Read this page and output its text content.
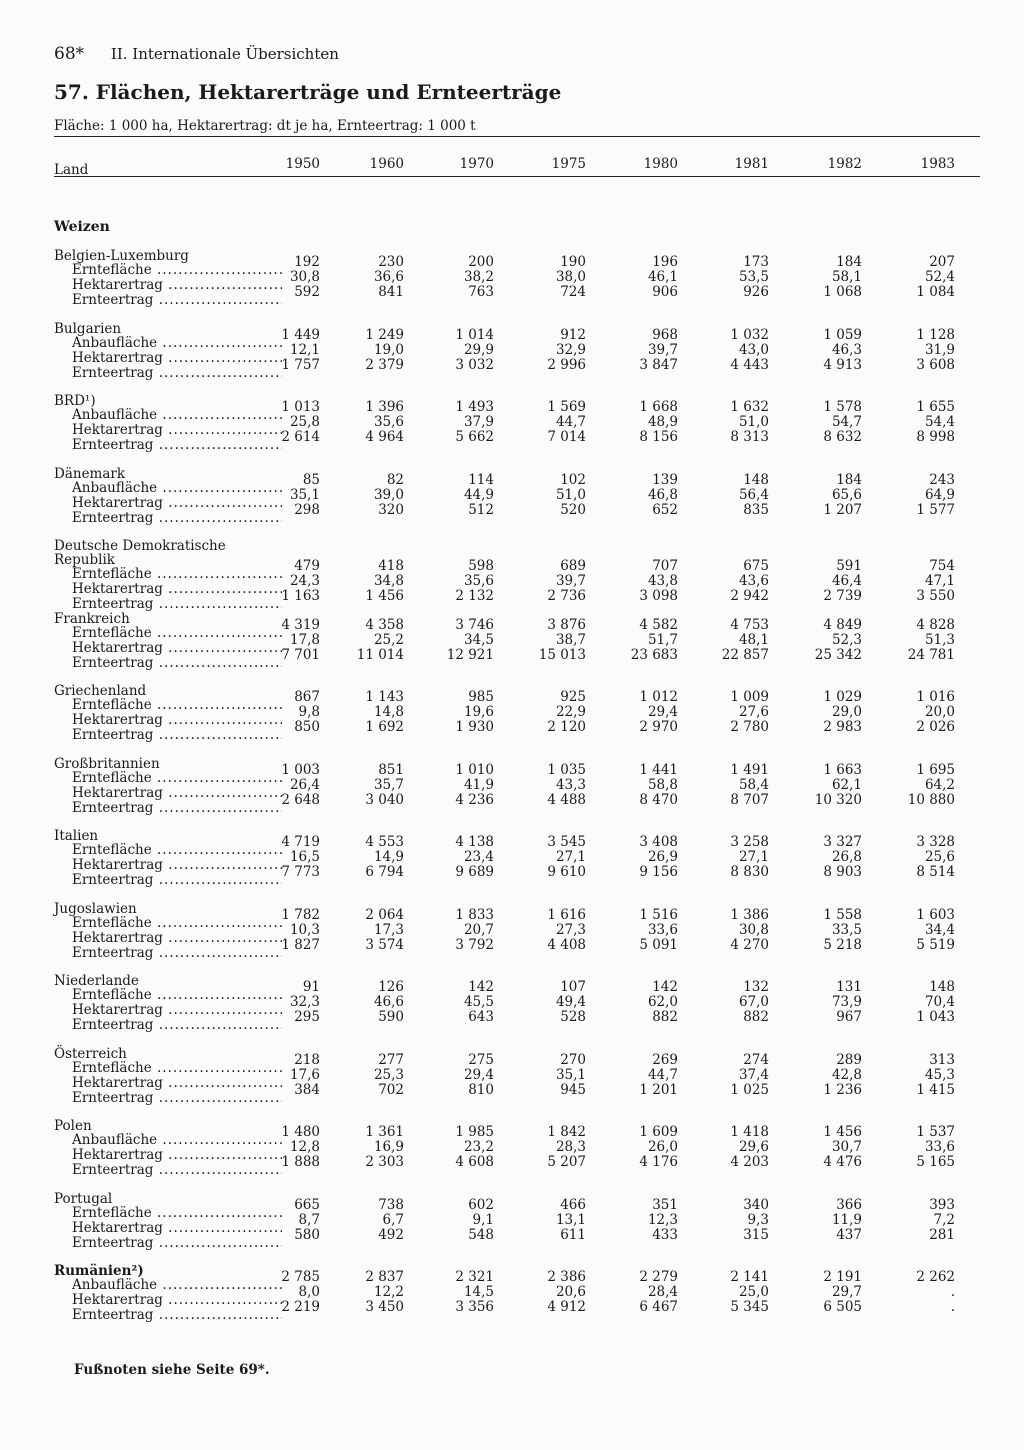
68* II. Internationale Übersichten
57. Flächen, Hektarerträge und Ernteerträge
Fläche: 1 000 ha, Hektarertrag: dt je ha, Ernteertrag: 1 000 t
Land	1950	1960	1970	1975	1980	1981	1982	1983
Weizen
Belgien-Luxemburg
Erntefläche .....	192	230	200	190	196	173	184	207
Hektarertrag .....	30,8	36,6	38,2	38,0	46,1	53,5	58,1	52,4
Ernteertrag .....	592	841	763	724	906	926	1 068	1 084
Bulgarien
Anbaufläche .....	1 449	1 249	1 014	912	968	1 032	1 059	1 128
Hektarertrag .....	12,1	19,0	29,9	32,9	39,7	43,0	46,3	31,9
Ernteertrag .....	1 757	2 379	3 032	2 996	3 847	4 443	4 913	3 608
BRD¹)
Anbaufläche .....	1 013	1 396	1 493	1 569	1 668	1 632	1 578	1 655
Hektarertrag .....	25,8	35,6	37,9	44,7	48,9	51,0	54,7	54,4
Ernteertrag .....	2 614	4 964	5 662	7 014	8 156	8 313	8 632	8 998
Dänemark
Anbaufläche .....	85	82	114	102	139	148	184	243
Hektarertrag .....	35,1	39,0	44,9	51,0	46,8	56,4	65,6	64,9
Ernteertrag .....	298	320	512	520	652	835	1 207	1 577
Deutsche Demokratische
Republik
Erntefläche .....	479	418	598	689	707	675	591	754
Hektarertrag .....	24,3	34,8	35,6	39,7	43,8	43,6	46,4	47,1
Ernteertrag .....	1 163	1 456	2 132	2 736	3 098	2 942	2 739	3 550
Frankreich
Erntefläche .....	4 319	4 358	3 746	3 876	4 582	4 753	4 849	4 828
Hektarertrag .....	17,8	25,2	34,5	38,7	51,7	48,1	52,3	51,3
Ernteertrag .....	7 701	11 014	12 921	15 013	23 683	22 857	25 342	24 781
Griechenland
Erntefläche .....	867	1 143	985	925	1 012	1 009	1 029	1 016
Hektarertrag .....	9,8	14,8	19,6	22,9	29,4	27,6	29,0	20,0
Ernteertrag .....	850	1 692	1 930	2 120	2 970	2 780	2 983	2 026
Großbritannien
Erntefläche .....	1 003	851	1 010	1 035	1 441	1 491	1 663	1 695
Hektarertrag .....	26,4	35,7	41,9	43,3	58,8	58,4	62,1	64,2
Ernteertrag .....	2 648	3 040	4 236	4 488	8 470	8 707	10 320	10 880
Italien
Erntefläche .....	4 719	4 553	4 138	3 545	3 408	3 258	3 327	3 328
Hektarertrag .....	16,5	14,9	23,4	27,1	26,9	27,1	26,8	25,6
Ernteertrag .....	7 773	6 794	9 689	9 610	9 156	8 830	8 903	8 514
Jugoslawien
Erntefläche .....	1 782	2 064	1 833	1 616	1 516	1 386	1 558	1 603
Hektarertrag .....	10,3	17,3	20,7	27,3	33,6	30,8	33,5	34,4
Ernteertrag .....	1 827	3 574	3 792	4 408	5 091	4 270	5 218	5 519
Niederlande
Erntefläche .....	91	126	142	107	142	132	131	148
Hektarertrag .....	32,3	46,6	45,5	49,4	62,0	67,0	73,9	70,4
Ernteertrag .....	295	590	643	528	882	882	967	1 043
Österreich
Erntefläche .....	218	277	275	270	269	274	289	313
Hektarertrag .....	17,6	25,3	29,4	35,1	44,7	37,4	42,8	45,3
Ernteertrag .....	384	702	810	945	1 201	1 025	1 236	1 415
Polen
Anbaufläche .....	1 480	1 361	1 985	1 842	1 609	1 418	1 456	1 537
Hektarertrag .....	12,8	16,9	23,2	28,3	26,0	29,6	30,7	33,6
Ernteertrag .....	1 888	2 303	4 608	5 207	4 176	4 203	4 476	5 165
Portugal
Erntefläche .....	665	738	602	466	351	340	366	393
Hektarertrag .....	8,7	6,7	9,1	13,1	12,3	9,3	11,9	7,2
Ernteertrag .....	580	492	548	611	433	315	437	281
Rumänien²)
Anbaufläche .....	2 785	2 837	2 321	2 386	2 279	2 141	2 191	2 262
Hektarertrag .....	8,0	12,2	14,5	20,6	28,4	25,0	29,7	.
Ernteertrag .....	2 219	3 450	3 356	4 912	6 467	5 345	6 505	.
Fußnoten siehe Seite 69*.
